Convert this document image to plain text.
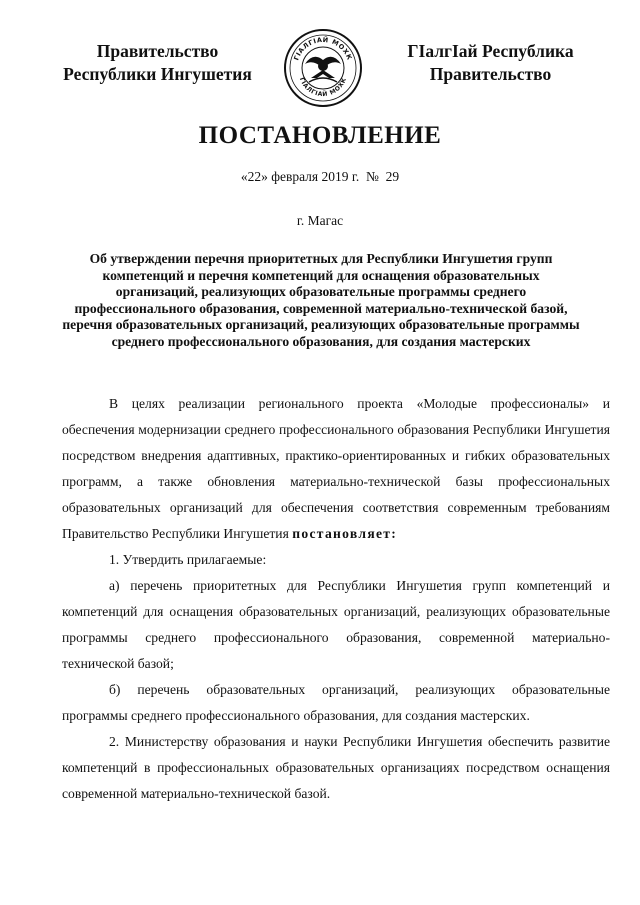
Правительство
Республики Ингушетия
ГIАЛГIАЙ МОХК
ГIАЛГIАЙ МОХК
ГIалгIай Республика
Правительство
ПОСТАНОВЛЕНИЕ
«22» февраля 2019 г. № 29
г. Магас
Об утверждении перечня приоритетных для Республики Ингушетия групп компетенций и перечня компетенций для оснащения образовательных организаций, реализующих образовательные программы среднего профессионального образования, современной материально-технической базой, перечня образовательных организаций, реализующих образовательные программы среднего профессионального образования, для создания мастерских

В целях реализации регионального проекта «Молодые профессионалы» и обеспечения модернизации среднего профессионального образования Республики Ингушетия посредством внедрения адаптивных, практико-ориентированных и гибких образовательных программ, а также обновления материально-технической базы профессиональных образовательных организаций для обеспечения соответствия современным требованиям Правительство Республики Ингушетия постановляет:

1. Утвердить прилагаемые:

а) перечень приоритетных для Республики Ингушетия групп компетенций и компетенций для оснащения образовательных организаций, реализующих образовательные программы среднего профессионального образования, современной материально-технической базой;

б) перечень образовательных организаций, реализующих образовательные программы среднего профессионального образования, для создания мастерских.

2. Министерству образования и науки Республики Ингушетия обеспечить развитие компетенций в профессиональных образовательных организациях посредством оснащения современной материально-технической базой.
